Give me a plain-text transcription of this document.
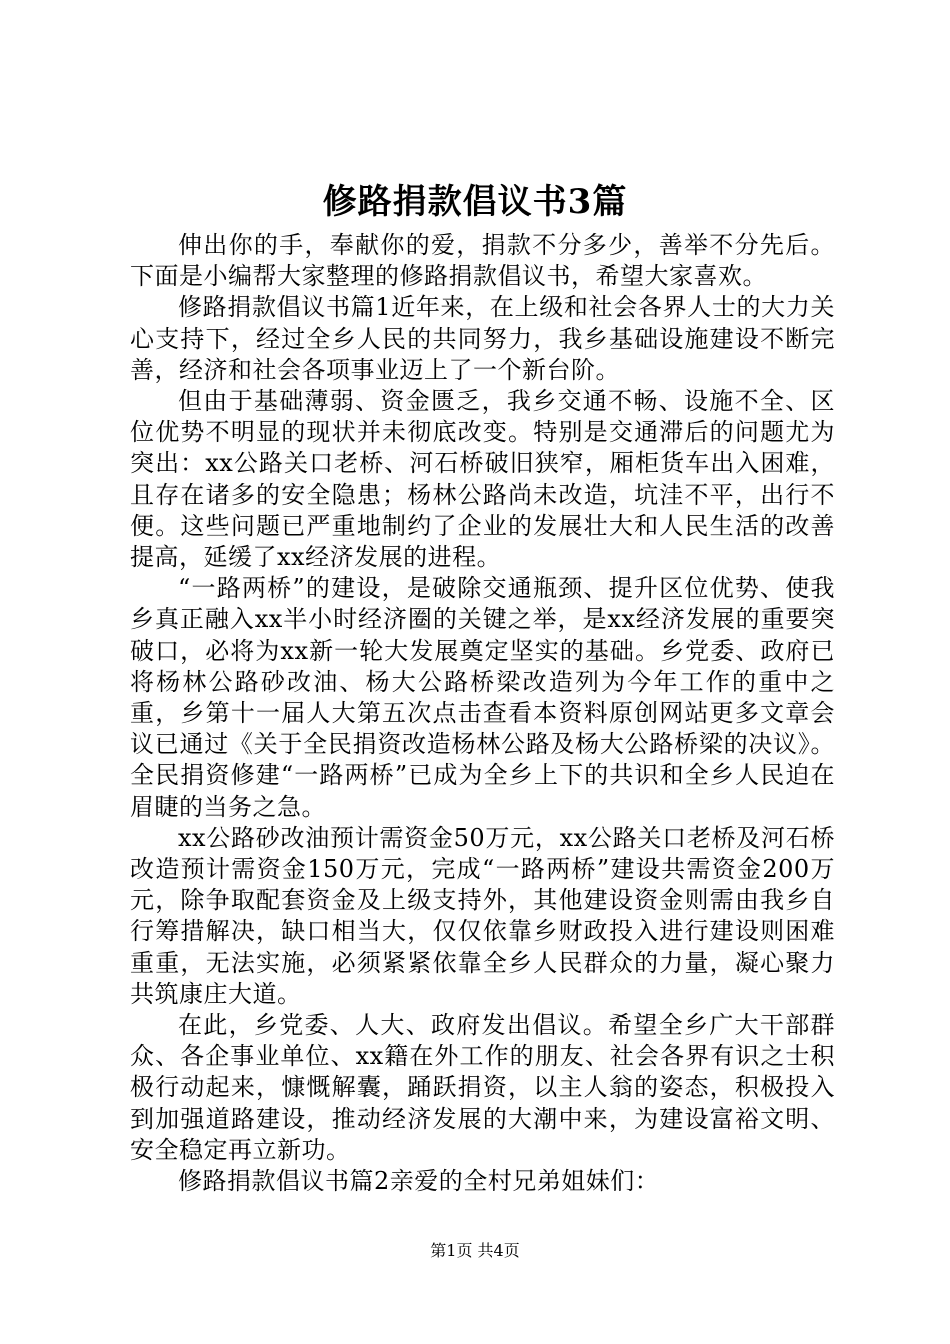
修路捐款倡议书3篇

伸出你的手，奉献你的爱，捐款不分多少，善举不分先后。下面是小编帮大家整理的修路捐款倡议书，希望大家喜欢。

修路捐款倡议书篇1近年来，在上级和社会各界人士的大力关心支持下，经过全乡人民的共同努力，我乡基础设施建设不断完善，经济和社会各项事业迈上了一个新台阶。

但由于基础薄弱、资金匮乏，我乡交通不畅、设施不全、区位优势不明显的现状并未彻底改变。特别是交通滞后的问题尤为突出：xx公路关口老桥、河石桥破旧狭窄，厢柜货车出入困难，且存在诸多的安全隐患；杨林公路尚未改造，坑洼不平，出行不便。这些问题已严重地制约了企业的发展壮大和人民生活的改善提高，延缓了xx经济发展的进程。

“一路两桥”的建设，是破除交通瓶颈、提升区位优势、使我乡真正融入xx半小时经济圈的关键之举，是xx经济发展的重要突破口，必将为xx新一轮大发展奠定坚实的基础。乡党委、政府已将杨林公路砂改油、杨大公路桥梁改造列为今年工作的重中之重，乡第十一届人大第五次点击查看本资料原创网站更多文章会议已通过《关于全民捐资改造杨林公路及杨大公路桥梁的决议》。全民捐资修建“一路两桥”已成为全乡上下的共识和全乡人民迫在眉睫的当务之急。

xx公路砂改油预计需资金50万元，xx公路关口老桥及河石桥改造预计需资金150万元，完成“一路两桥”建设共需资金200万元，除争取配套资金及上级支持外，其他建设资金则需由我乡自行筹措解决，缺口相当大，仅仅依靠乡财政投入进行建设则困难重重，无法实施，必须紧紧依靠全乡人民群众的力量，凝心聚力共筑康庄大道。

在此，乡党委、人大、政府发出倡议。希望全乡广大干部群众、各企事业单位、xx籍在外工作的朋友、社会各界有识之士积极行动起来，慷慨解囊，踊跃捐资，以主人翁的姿态，积极投入到加强道路建设，推动经济发展的大潮中来，为建设富裕文明、安全稳定再立新功。

修路捐款倡议书篇2亲爱的全村兄弟姐妹们：

第1页 共4页
